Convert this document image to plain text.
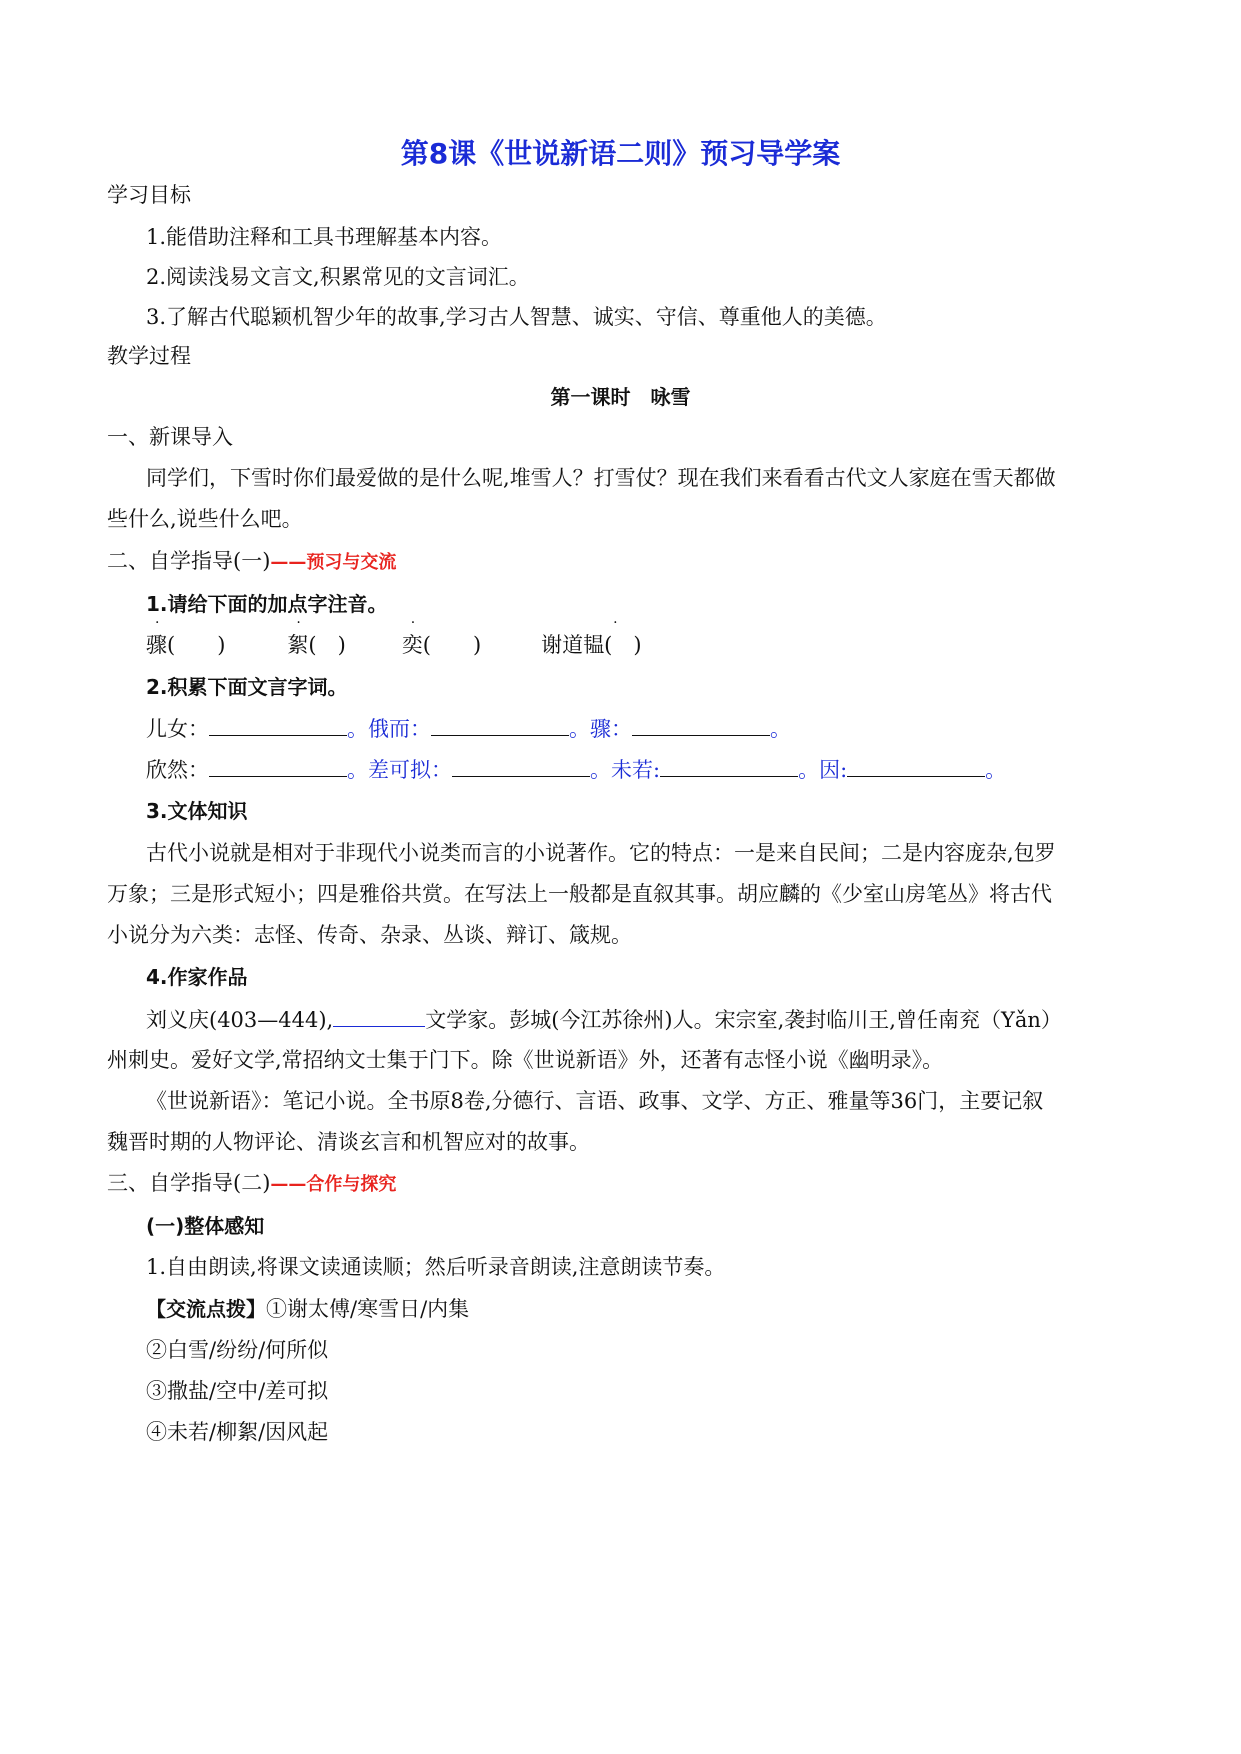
第8课《世说新语二则》预习导学案
学习目标
1.能借助注释和工具书理解基本内容。
2.阅读浅易文言文,积累常见的文言词汇。
3.了解古代聪颖机智少年的故事,学习古人智慧、诚实、守信、尊重他人的美德。
教学过程
第一课时　咏雪
一、新课导入
同学们，下雪时你们最爱做的是什么呢,堆雪人？打雪仗？现在我们来看看古代文人家庭在雪天都做
些什么,说些什么吧。
二、自学指导(一)——预习与交流
1.请给下面的加点字注音。
·
骤(　　)
·
絮(　)
·
奕(　　)
·
谢道韫(　)
2.积累下面文言字词。
儿女：	。俄而：	。骤：	。
欣然：	。差可拟：	。未若:	。因:	。
3.文体知识
古代小说就是相对于非现代小说类而言的小说著作。它的特点：一是来自民间；二是内容庞杂,包罗
万象；三是形式短小；四是雅俗共赏。在写法上一般都是直叙其事。胡应麟的《少室山房笔丛》将古代
小说分为六类：志怪、传奇、杂录、丛谈、辩订、箴规。
4.作家作品
刘义庆(403—444),	文学家。彭城(今江苏徐州)人。宋宗室,袭封临川王,曾任南兖（Yǎn）
州刺史。爱好文学,常招纳文士集于门下。除《世说新语》外，还著有志怪小说《幽明录》。
《世说新语》：笔记小说。全书原8卷,分德行、言语、政事、文学、方正、雅量等36门，主要记叙
魏晋时期的人物评论、清谈玄言和机智应对的故事。
三、自学指导(二)——合作与探究
(一)整体感知
1.自由朗读,将课文读通读顺；然后听录音朗读,注意朗读节奏。
【交流点拨】①谢太傅/寒雪日/内集
②白雪/纷纷/何所似
③撒盐/空中/差可拟
④未若/柳絮/因风起
